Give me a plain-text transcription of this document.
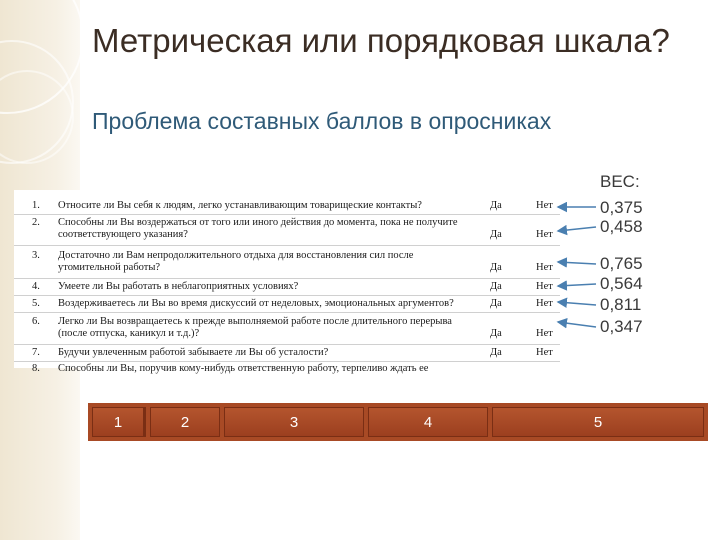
Метрическая или порядковая шкала?
Проблема составных баллов в опросниках
ВЕС:
0,375
0,458
0,765
0,564
0,811
0,347
1. Относите ли Вы себя к людям, легко устанавливающим товарищеские контакты?	Да	Нет
2. Способны ли Вы воздержаться от того или иного действия до момента, пока не получите соответствующего указания?	Да	Нет
3. Достаточно ли Вам непродолжительного отдыха для восстановления сил после утомительной работы?	Да	Нет
4. Умеете ли Вы работать в неблагоприятных условиях?	Да	Нет
5. Воздерживаетесь ли Вы во время дискуссий от неделовых, эмоциональных аргументов?	Да	Нет
6. Легко ли Вы возвращаетесь к прежде выполняемой работе после длительного перерыва (после отпуска, каникул и т.д.)?	Да	Нет
7. Будучи увлеченным работой забываете ли Вы об усталости?	Да	Нет
8. Способны ли Вы, поручив кому-нибудь ответственную работу, терпеливо ждать ее
1	2	3	4	5
